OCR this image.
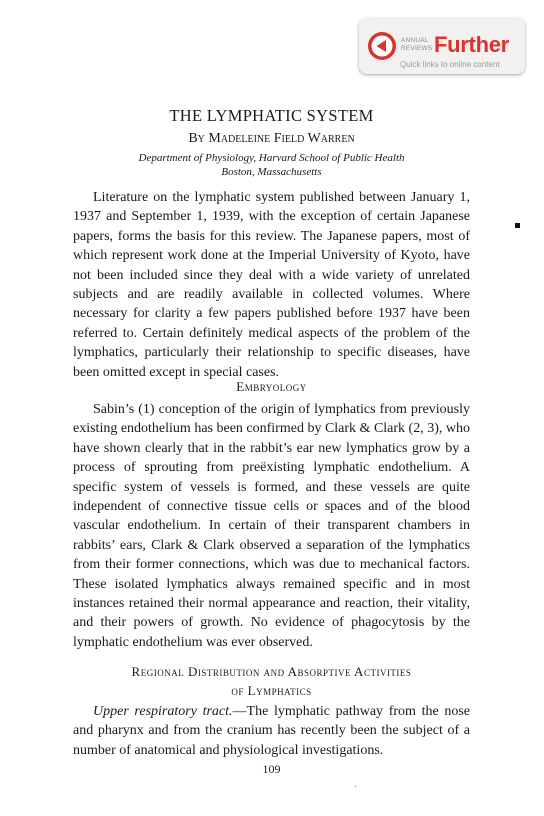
ANNUAL
REVIEWS Further
Quick links to online content
THE LYMPHATIC SYSTEM
By Madeleine Field Warren
Department of Physiology, Harvard School of Public Health
Boston, Massachusetts

Literature on the lymphatic system published between January 1, 1937 and September 1, 1939, with the exception of certain Japanese papers, forms the basis for this review. The Japanese papers, most of which represent work done at the Imperial University of Kyoto, have not been included since they deal with a wide variety of unrelated subjects and are readily available in collected volumes. Where necessary for clarity a few papers published before 1937 have been referred to. Certain definitely medical aspects of the problem of the lymphatics, particularly their relationship to specific diseases, have been omitted except in special cases.

Embryology

Sabin’s (1) conception of the origin of lymphatics from previously existing endothelium has been confirmed by Clark & Clark (2, 3), who have shown clearly that in the rabbit’s ear new lymphatics grow by a process of sprouting from preëxisting lymphatic endothelium. A specific system of vessels is formed, and these vessels are quite independent of connective tissue cells or spaces and of the blood vascular endothelium. In certain of their transparent chambers in rabbits’ ears, Clark & Clark observed a separation of the lymphatics from their former connections, which was due to mechanical factors. These isolated lymphatics always remained specific and in most instances retained their normal appearance and reaction, their vitality, and their powers of growth. No evidence of phagocytosis by the lymphatic endothelium was ever observed.

Regional Distribution and Absorptive Activities
of Lymphatics

Upper respiratory tract.—The lymphatic pathway from the nose and pharynx and from the cranium has recently been the subject of a number of anatomical and physiological investigations.

109
